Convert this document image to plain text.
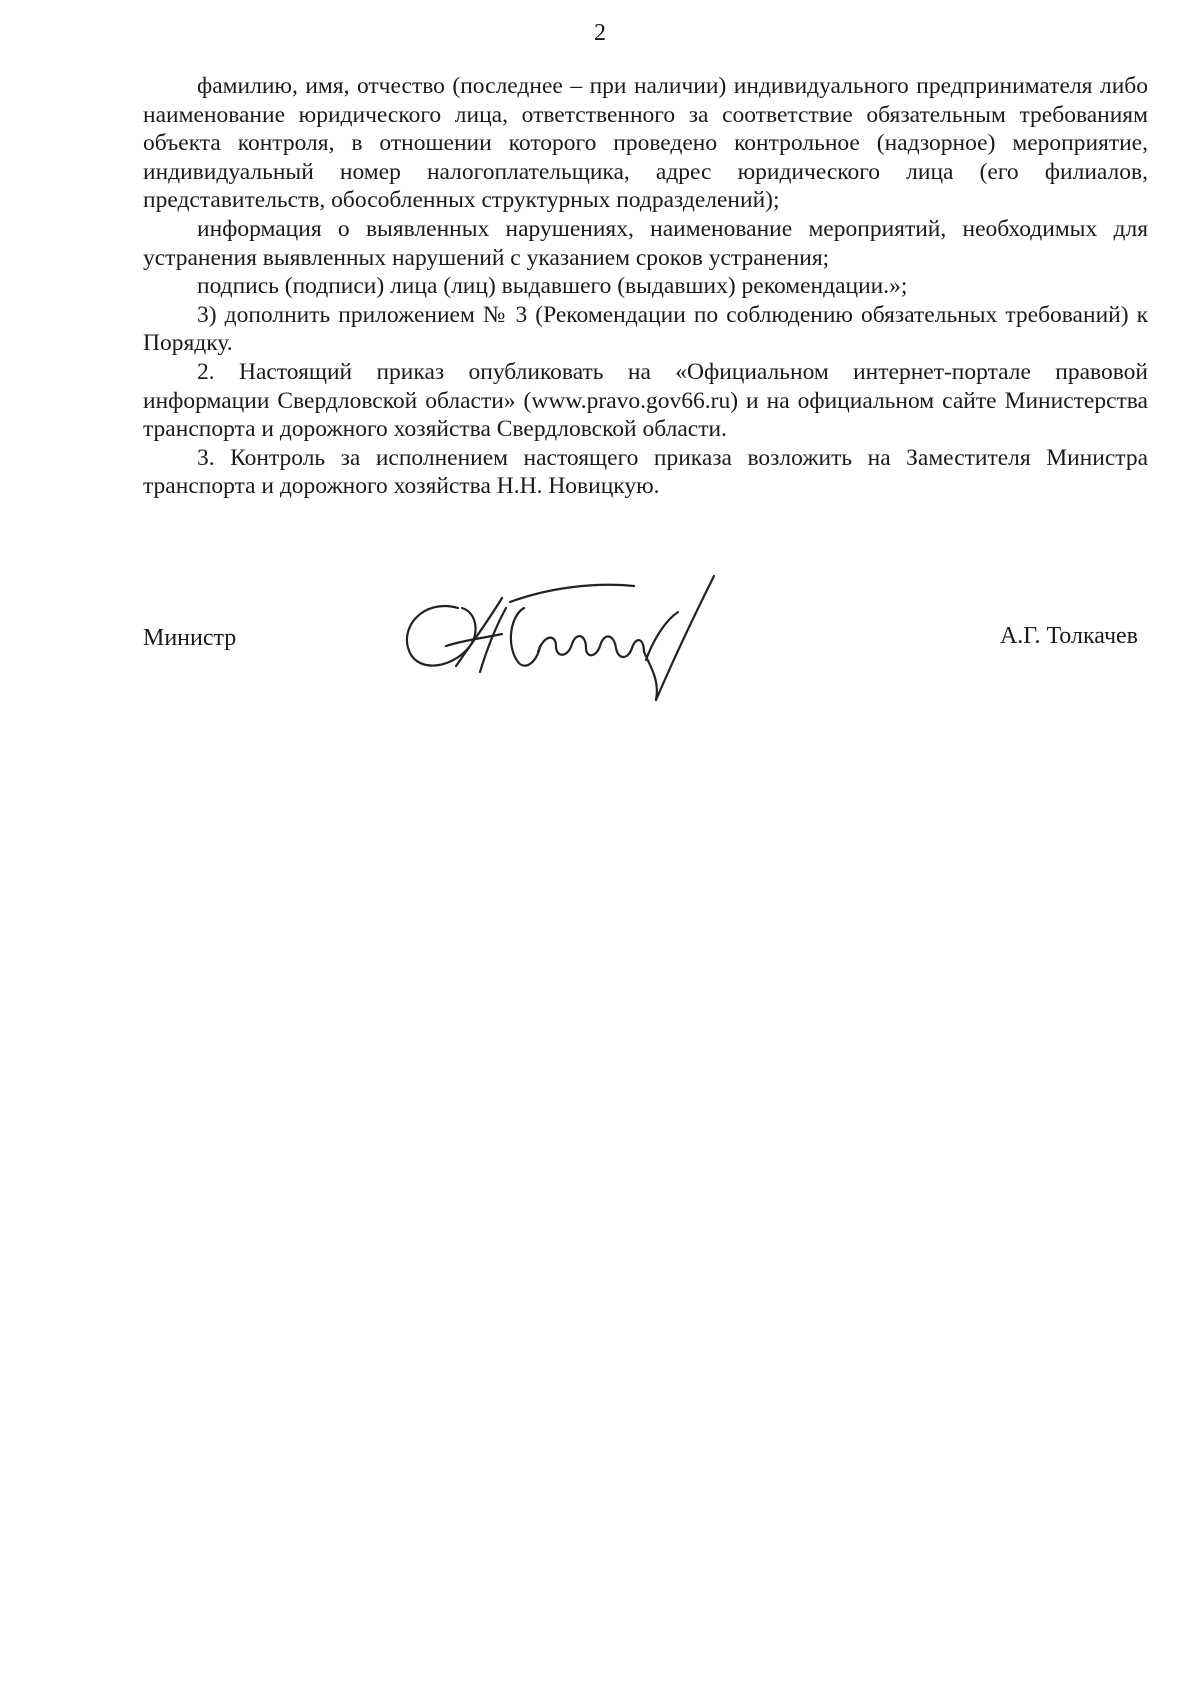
2

фамилию, имя, отчество (последнее – при наличии) индивидуального предпринимателя либо наименование юридического лица, ответственного за соответствие обязательным требованиям объекта контроля, в отношении которого проведено контрольное (надзорное) мероприятие, индивидуальный номер налогоплательщика, адрес юридического лица (его филиалов, представительств, обособленных структурных подразделений);

информация о выявленных нарушениях, наименование мероприятий, необходимых для устранения выявленных нарушений с указанием сроков устранения;

подпись (подписи) лица (лиц) выдавшего (выдавших) рекомендации.»;

3) дополнить приложением № 3 (Рекомендации по соблюдению обязательных требований) к Порядку.

2. Настоящий приказ опубликовать на «Официальном интернет-портале правовой информации Свердловской области» (www.pravo.gov66.ru) и на официальном сайте Министерства транспорта и дорожного хозяйства Свердловской области.

3. Контроль за исполнением настоящего приказа возложить на Заместителя Министра транспорта и дорожного хозяйства Н.Н. Новицкую.

Министр	А.Г. Толкачев
